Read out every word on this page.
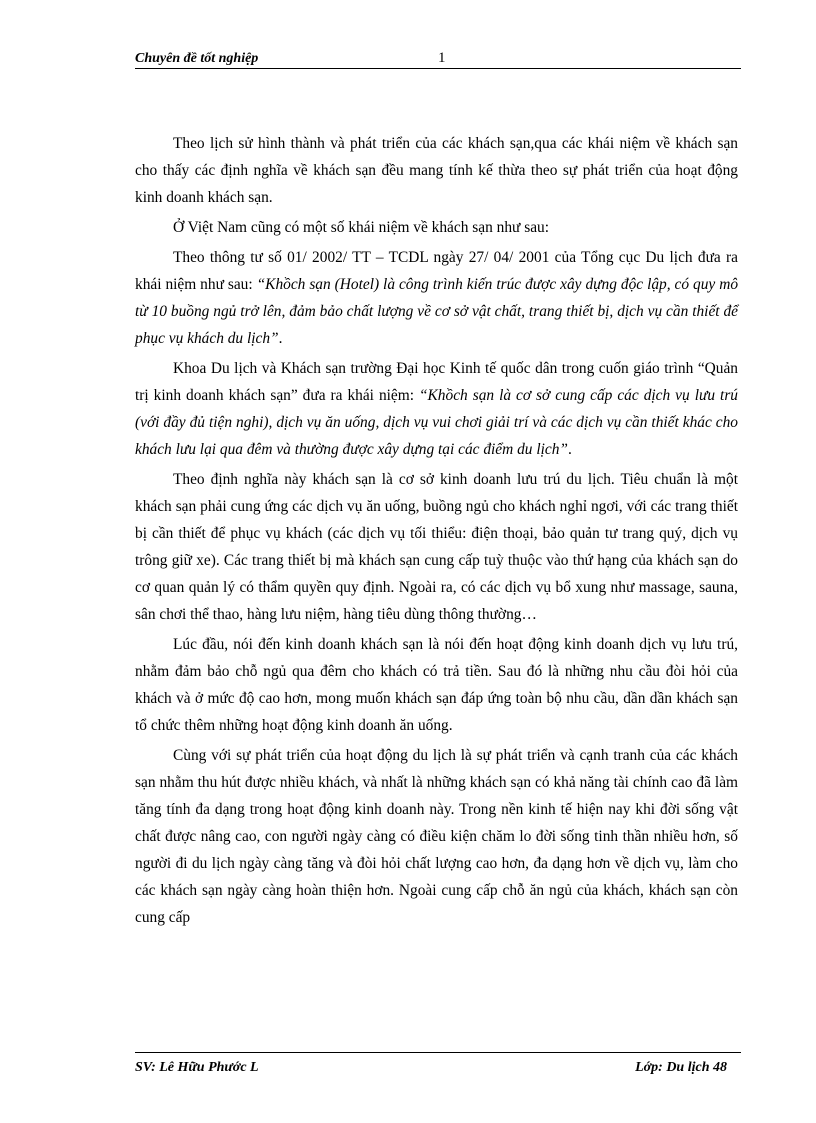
Chuyên đề tốt nghiệp	1

Theo lịch sử hình thành và phát triển của các khách sạn,qua các khái niệm về khách sạn cho thấy các định nghĩa về khách sạn đều mang tính kế thừa theo sự phát triển của hoạt động kinh doanh khách sạn.

Ở Việt Nam cũng có một số khái niệm về khách sạn như sau:

Theo thông tư số 01/ 2002/ TT – TCDL ngày 27/ 04/ 2001 của Tổng cục Du lịch đưa ra khái niệm như sau: “Khồch sạn (Hotel) là công trình kiến trúc được xây dựng độc lập, có quy mô từ 10 buồng ngủ trở lên, đảm bảo chất lượng về cơ sở vật chất, trang thiết bị, dịch vụ cần thiết để phục vụ khách du lịch”.

Khoa Du lịch và Khách sạn trường Đại học Kinh tế quốc dân trong cuốn giáo trình “Quản trị kinh doanh khách sạn” đưa ra khái niệm: “Khồch sạn là cơ sở cung cấp các dịch vụ lưu trú (với đầy đủ tiện nghi), dịch vụ ăn uống, dịch vụ vui chơi giải trí và các dịch vụ cần thiết khác cho khách lưu lại qua đêm và thường được xây dựng tại các điểm du lịch”.

Theo định nghĩa này khách sạn là cơ sở kinh doanh lưu trú du lịch. Tiêu chuẩn là một khách sạn phải cung ứng các dịch vụ ăn uống, buồng ngủ cho khách nghỉ ngơi, với các trang thiết bị cần thiết để phục vụ khách (các dịch vụ tối thiểu: điện thoại, bảo quản tư trang quý, dịch vụ trông giữ xe). Các trang thiết bị mà khách sạn cung cấp tuỳ thuộc vào thứ hạng của khách sạn do cơ quan quản lý có thẩm quyền quy định. Ngoài ra, có các dịch vụ bổ xung như massage, sauna, sân chơi thể thao, hàng lưu niệm, hàng tiêu dùng thông thường…

Lúc đầu, nói đến kinh doanh khách sạn là nói đến hoạt động kinh doanh dịch vụ lưu trú, nhằm đảm bảo chỗ ngủ qua đêm cho khách có trả tiền. Sau đó là những nhu cầu đòi hỏi của khách và ở mức độ cao hơn, mong muốn khách sạn đáp ứng toàn bộ nhu cầu, dần dần khách sạn tổ chức thêm những hoạt động kinh doanh ăn uống.

Cùng với sự phát triển của hoạt động du lịch là sự phát triển và cạnh tranh của các khách sạn nhằm thu hút được nhiều khách, và nhất là những khách sạn có khả năng tài chính cao đã làm tăng tính đa dạng trong hoạt động kinh doanh này. Trong nền kinh tế hiện nay khi đời sống vật chất được nâng cao, con người ngày càng có điều kiện chăm lo đời sống tinh thần nhiều hơn, số người đi du lịch ngày càng tăng và đòi hỏi chất lượng cao hơn, đa dạng hơn về dịch vụ, làm cho các khách sạn ngày càng hoàn thiện hơn. Ngoài cung cấp chỗ ăn ngủ của khách, khách sạn còn cung cấp

SV: Lê Hữu Phước L	Lớp: Du lịch 48
